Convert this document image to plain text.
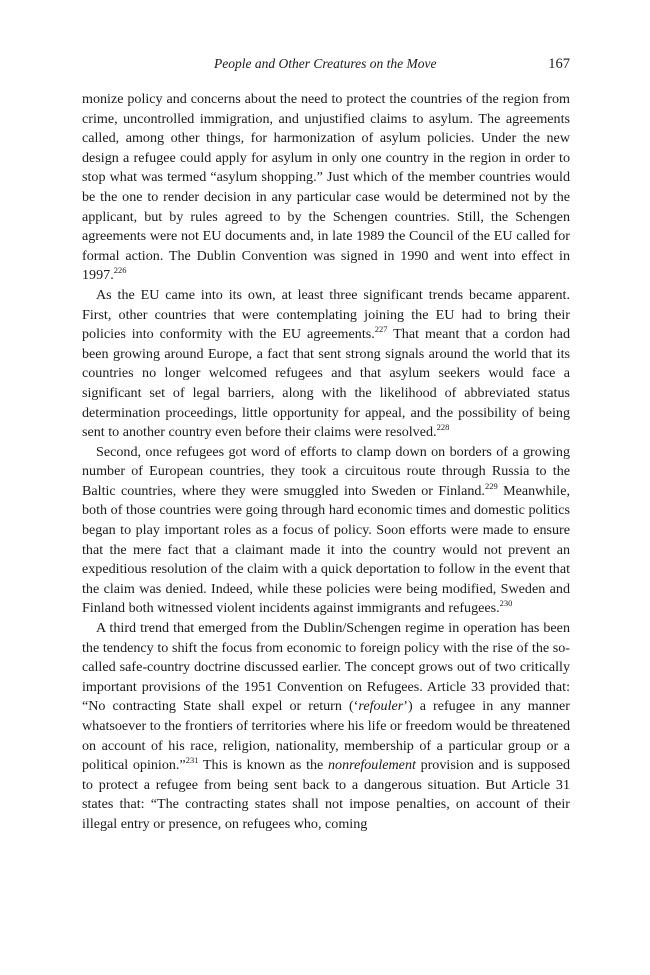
People and Other Creatures on the Move	167

monize policy and concerns about the need to protect the countries of the region from crime, uncontrolled immigration, and unjustified claims to asylum. The agreements called, among other things, for harmonization of asylum policies. Under the new design a refugee could apply for asylum in only one country in the region in order to stop what was termed “asylum shopping.” Just which of the member countries would be the one to render decision in any particular case would be determined not by the applicant, but by rules agreed to by the Schengen countries. Still, the Schengen agreements were not EU documents and, in late 1989 the Council of the EU called for formal action. The Dublin Convention was signed in 1990 and went into effect in 1997.$^{226}$

As the EU came into its own, at least three significant trends became apparent. First, other countries that were contemplating joining the EU had to bring their policies into conformity with the EU agreements.$^{227}$ That meant that a cordon had been growing around Europe, a fact that sent strong signals around the world that its countries no longer welcomed refugees and that asylum seekers would face a significant set of legal barriers, along with the likelihood of abbreviated status determination proceedings, little opportunity for appeal, and the possibility of being sent to another country even before their claims were resolved.$^{228}$

Second, once refugees got word of efforts to clamp down on borders of a growing number of European countries, they took a circuitous route through Russia to the Baltic countries, where they were smuggled into Sweden or Finland.$^{229}$ Meanwhile, both of those countries were going through hard economic times and domestic politics began to play important roles as a focus of policy. Soon efforts were made to ensure that the mere fact that a claimant made it into the country would not prevent an expeditious resolution of the claim with a quick deportation to follow in the event that the claim was denied. Indeed, while these policies were being modified, Sweden and Finland both witnessed violent incidents against immigrants and refugees.$^{230}$

A third trend that emerged from the Dublin/Schengen regime in operation has been the tendency to shift the focus from economic to foreign policy with the rise of the so-called safe-country doctrine discussed earlier. The concept grows out of two critically important provisions of the 1951 Convention on Refugees. Article 33 provided that: “No contracting State shall expel or return (‘refouler’) a refugee in any manner whatsoever to the frontiers of territories where his life or freedom would be threatened on account of his race, religion, nationality, membership of a particular group or a political opinion.”$^{231}$ This is known as the nonrefoulement provision and is supposed to protect a refugee from being sent back to a dangerous situation. But Article 31 states that: “The contracting states shall not impose penalties, on account of their illegal entry or presence, on refugees who, coming
